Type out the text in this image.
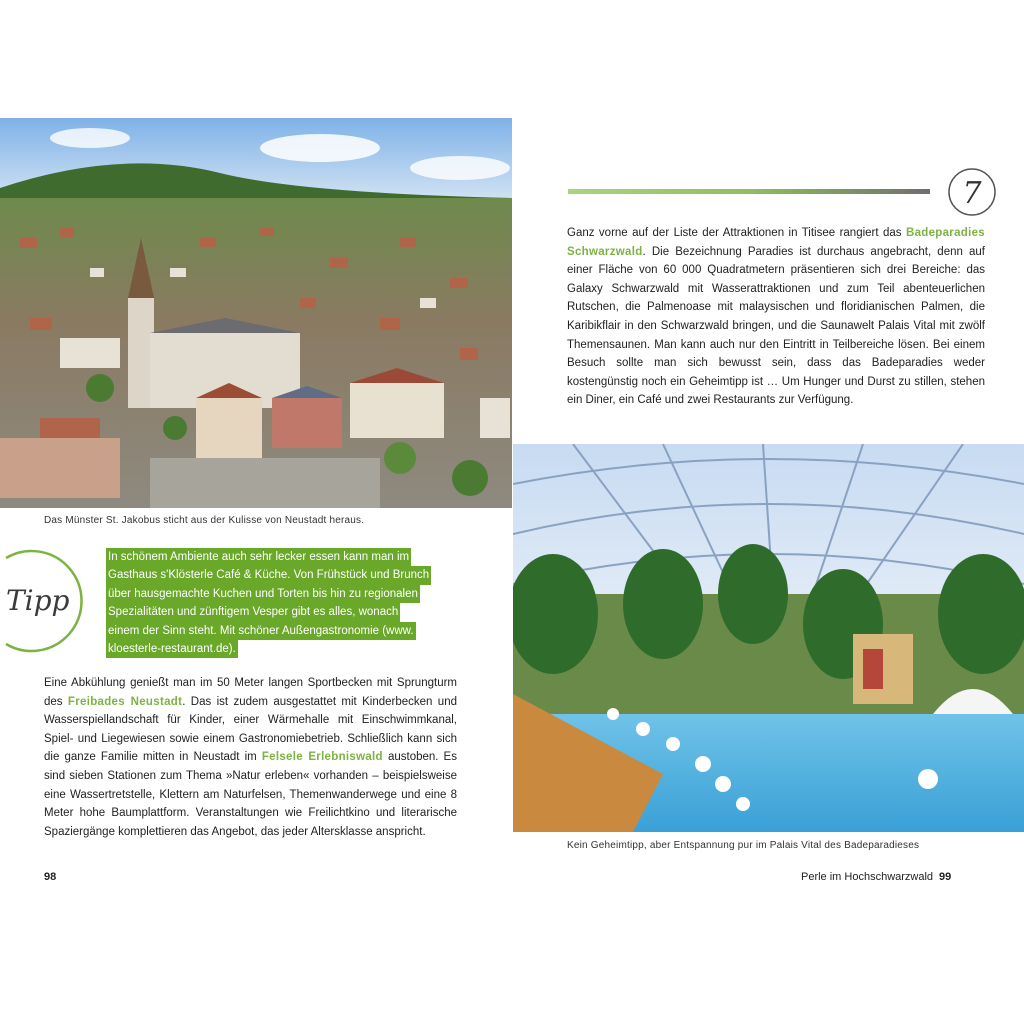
Das Münster St. Jakobus sticht aus der Kulisse von Neustadt heraus.
Tipp
In schönem Ambiente auch sehr lecker essen kann man im
Gasthaus s'Klösterle Café & Küche. Von Frühstück und Brunch
über hausgemachte Kuchen und Torten bis hin zu regionalen
Spezialitäten und zünftigem Vesper gibt es alles, wonach
einem der Sinn steht. Mit schöner Außengastronomie (www.
kloesterle-restaurant.de).
Eine Abkühlung genießt man im 50 Meter langen Sportbecken mit Sprungturm des Freibades Neustadt. Das ist zudem ausgestattet mit Kinderbecken und Wasserspiellandschaft für Kinder, einer Wärmehalle mit Einschwimmkanal, Spiel- und Liegewiesen sowie einem Gastronomiebetrieb. Schließlich kann sich die ganze Familie mitten in Neustadt im Felsele Erlebniswald austoben. Es sind sieben Stationen zum Thema »Natur erleben« vorhanden – beispielsweise eine Wassertretstelle, Klettern am Naturfelsen, Themenwanderwege und eine 8 Meter hohe Baumplattform. Veranstaltungen wie Freilichtkino und literarische Spaziergänge komplettieren das Angebot, das jeder Altersklasse anspricht.
98
7
Ganz vorne auf der Liste der Attraktionen in Titisee rangiert das Badeparadies Schwarzwald. Die Bezeichnung Paradies ist durchaus angebracht, denn auf einer Fläche von 60 000 Quadratmetern präsentieren sich drei Bereiche: das Galaxy Schwarzwald mit Wasserattraktionen und zum Teil abenteuerlichen Rutschen, die Palmenoase mit malaysischen und floridianischen Palmen, die Karibikflair in den Schwarzwald bringen, und die Saunawelt Palais Vital mit zwölf Themensaunen. Man kann auch nur den Eintritt in Teilbereiche lösen. Bei einem Besuch sollte man sich bewusst sein, dass das Badeparadies weder kostengünstig noch ein Geheimtipp ist … Um Hunger und Durst zu stillen, stehen ein Diner, ein Café und zwei Restaurants zur Verfügung.
Kein Geheimtipp, aber Entspannung pur im Palais Vital des Badeparadieses
Perle im Hochschwarzwald 99
